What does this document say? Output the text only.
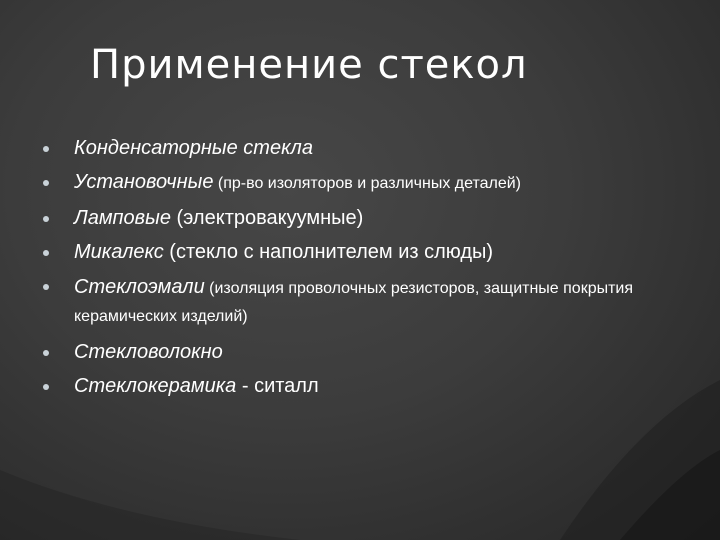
Применение стекол
Конденсаторные стекла
Установочные (пр-во изоляторов и различных деталей)
Ламповые (электровакуумные)
Микалекс (стекло с наполнителем из слюды)
Стеклоэмали (изоляция проволочных резисторов, защитные покрытия керамических изделий)
Стекловолокно
Стеклокерамика - ситалл
